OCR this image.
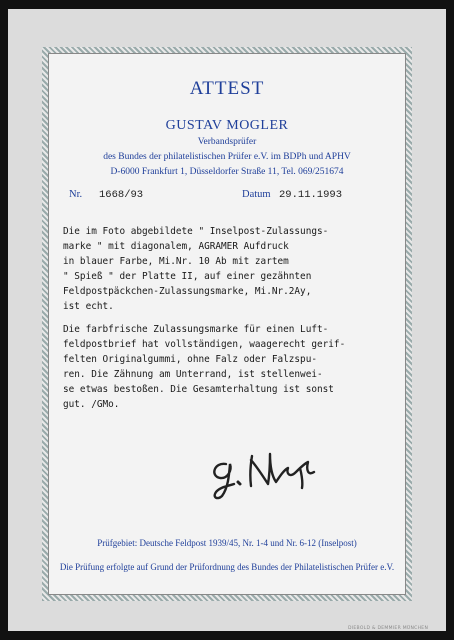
ATTEST
GUSTAV MOGLER
Verbandsprüfer
des Bundes der philatelistischen Prüfer e.V. im BDPh und APHV
D-6000 Frankfurt 1, Düsseldorfer Straße 11, Tel. 069/251674
Nr. 1668/93	Datum 29.11.1993
Die im Foto abgebildete " Inselpost-Zulassungs-
marke " mit diagonalem, AGRAMER Aufdruck
in blauer Farbe, Mi.Nr. 10 Ab mit zartem
" Spieß " der Platte II, auf einer gezähnten
Feldpostpäckchen-Zulassungsmarke, Mi.Nr.2Ay,
ist echt.
Die farbfrische Zulassungsmarke für einen Luft-
feldpostbrief hat vollständigen, waagerecht gerif-
felten Originalgummi, ohne Falz oder Falzspu-
ren. Die Zähnung am Unterrand, ist stellenwei-
se etwas bestoßen. Die Gesamterhaltung ist sonst
gut. /GMo.
Prüfgebiet: Deutsche Feldpost 1939/45, Nr. 1-4 und Nr. 6-12 (Inselpost)
Die Prüfung erfolgte auf Grund der Prüfordnung des Bundes der Philatelistischen Prüfer e.V.
DIEBOLD & DEMMIER MÜNCHEN
